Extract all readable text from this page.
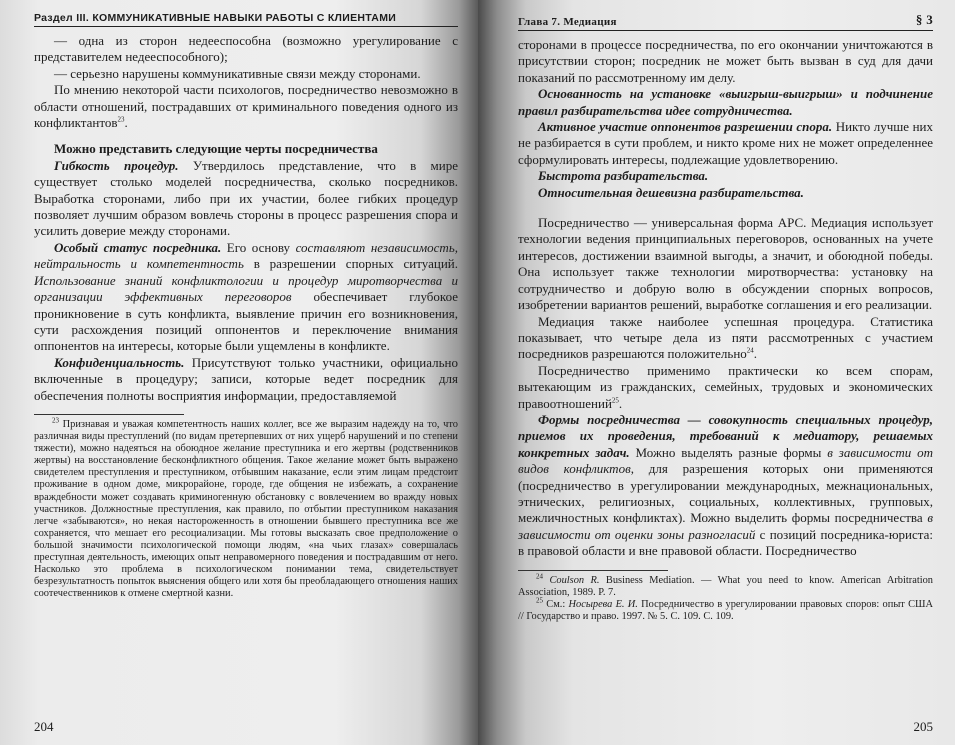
Раздел III. КОММУНИКАТИВНЫЕ НАВЫКИ РАБОТЫ С КЛИЕНТАМИ

— одна из сторон недееспособна (возможно урегулирование с представителем недееспособного);

— серьезно нарушены коммуникативные связи между сторонами.

По мнению некоторой части психологов, посредничество невозможно в области отношений, пострадавших от криминального поведения одного из конфликтантов$^{23}$.

Можно представить следующие черты посредничества

Гибкость процедур. Утвердилось представление, что в мире существует столько моделей посредничества, сколько посредников. Выработка сторонами, либо при их участии, более гибких процедур позволяет лучшим образом вовлечь стороны в процесс разрешения спора и усилить доверие между сторонами.

Особый статус посредника. Его основу составляют независимость, нейтральность и компетентность в разрешении спорных ситуаций. Использование знаний конфликтологии и процедур миротворчества и организации эффективных переговоров обеспечивает глубокое проникновение в суть конфликта, выявление причин его возникновения, сути расхождения позиций оппонентов и переключение внимания оппонентов на интересы, которые были ущемлены в конфликте.

Конфиденциальность. Присутствуют только участники, официально включенные в процедуру; записи, которые ведет посредник для обеспечения полноты восприятия информации, предоставляемой

$^{23}$ Признавая и уважая компетентность наших коллег, все же выразим надежду на то, что различная виды преступлений (по видам претерпевших от них ущерб нарушений и по степени тяжести), можно надеяться на обоюдное желание преступника и его жертвы (родственников жертвы) на восстановление бесконфликтного общения. Такое желание может быть выражено свидетелем преступления и преступником, отбывшим наказание, если этим лицам предстоит проживание в одном доме, микрорайоне, городе, где общения не избежать, а сохранение враждебности может создавать криминогенную обстановку с вовлечением во вражду новых участников. Должностные преступления, как правило, по отбытии преступником наказания легче «забываются», но некая настороженность в отношении бывшего преступника все же сохраняется, что мешает его ресоциализации. Мы готовы высказать свое предположение о большой значимости психологической помощи людям, «на чьих глазах» совершалась преступная деятельность, имеющих опыт неправомерного поведения и пострадавшим от него. Насколько это проблема в психологическом понимании тема, свидетельствует безрезультатность попыток выяснения общего или хотя бы преобладающего отношения наших соотечественников к отмене смертной казни.

204
Глава 7. Медиация	§ 3

сторонами в процессе посредничества, по его окончании уничтожаются в присутствии сторон; посредник не может быть вызван в суд для дачи показаний по рассмотренному им делу.

Основанность на установке «выигрыш-выигрыш» и подчинение правил разбирательства идее сотрудничества.

Активное участие оппонентов разрешении спора. Никто лучше них не разбирается в сути проблем, и никто кроме них не может определеннее сформулировать интересы, подлежащие удовлетворению.

Быстрота разбирательства.

Относительная дешевизна разбирательства.

Посредничество — универсальная форма АРС. Медиация использует технологии ведения принципиальных переговоров, основанных на учете интересов, достижении взаимной выгоды, а значит, и обоюдной победы. Она использует также технологии миротворчества: установку на сотрудничество и добрую волю в обсуждении спорных вопросов, изобретении вариантов решений, выработке соглашения и его реализации.

Медиация также наиболее успешная процедура. Статистика показывает, что четыре дела из пяти рассмотренных с участием посредников разрешаются положительно$^{24}$.

Посредничество применимо практически ко всем спорам, вытекающим из гражданских, семейных, трудовых и экономических правоотношений$^{25}$.

Формы посредничества — совокупность специальных процедур, приемов их проведения, требований к медиатору, решаемых конкретных задач. Можно выделять разные формы в зависимости от видов конфликтов, для разрешения которых они применяются (посредничество в урегулировании международных, межнациональных, этнических, религиозных, социальных, коллективных, групповых, межличностных конфликтах). Можно выделить формы посредничества в зависимости от оценки зоны разногласий с позиций посредника-юриста: в правовой области и вне правовой области. Посредничество

$^{24}$ Coulson R. Business Mediation. — What you need to know. American Arbitration Association, 1989. P. 7.

$^{25}$ См.: Носырева Е. И. Посредничество в урегулировании правовых споров: опыт США // Государство и право. 1997. № 5. С. 109. С. 109.

205
